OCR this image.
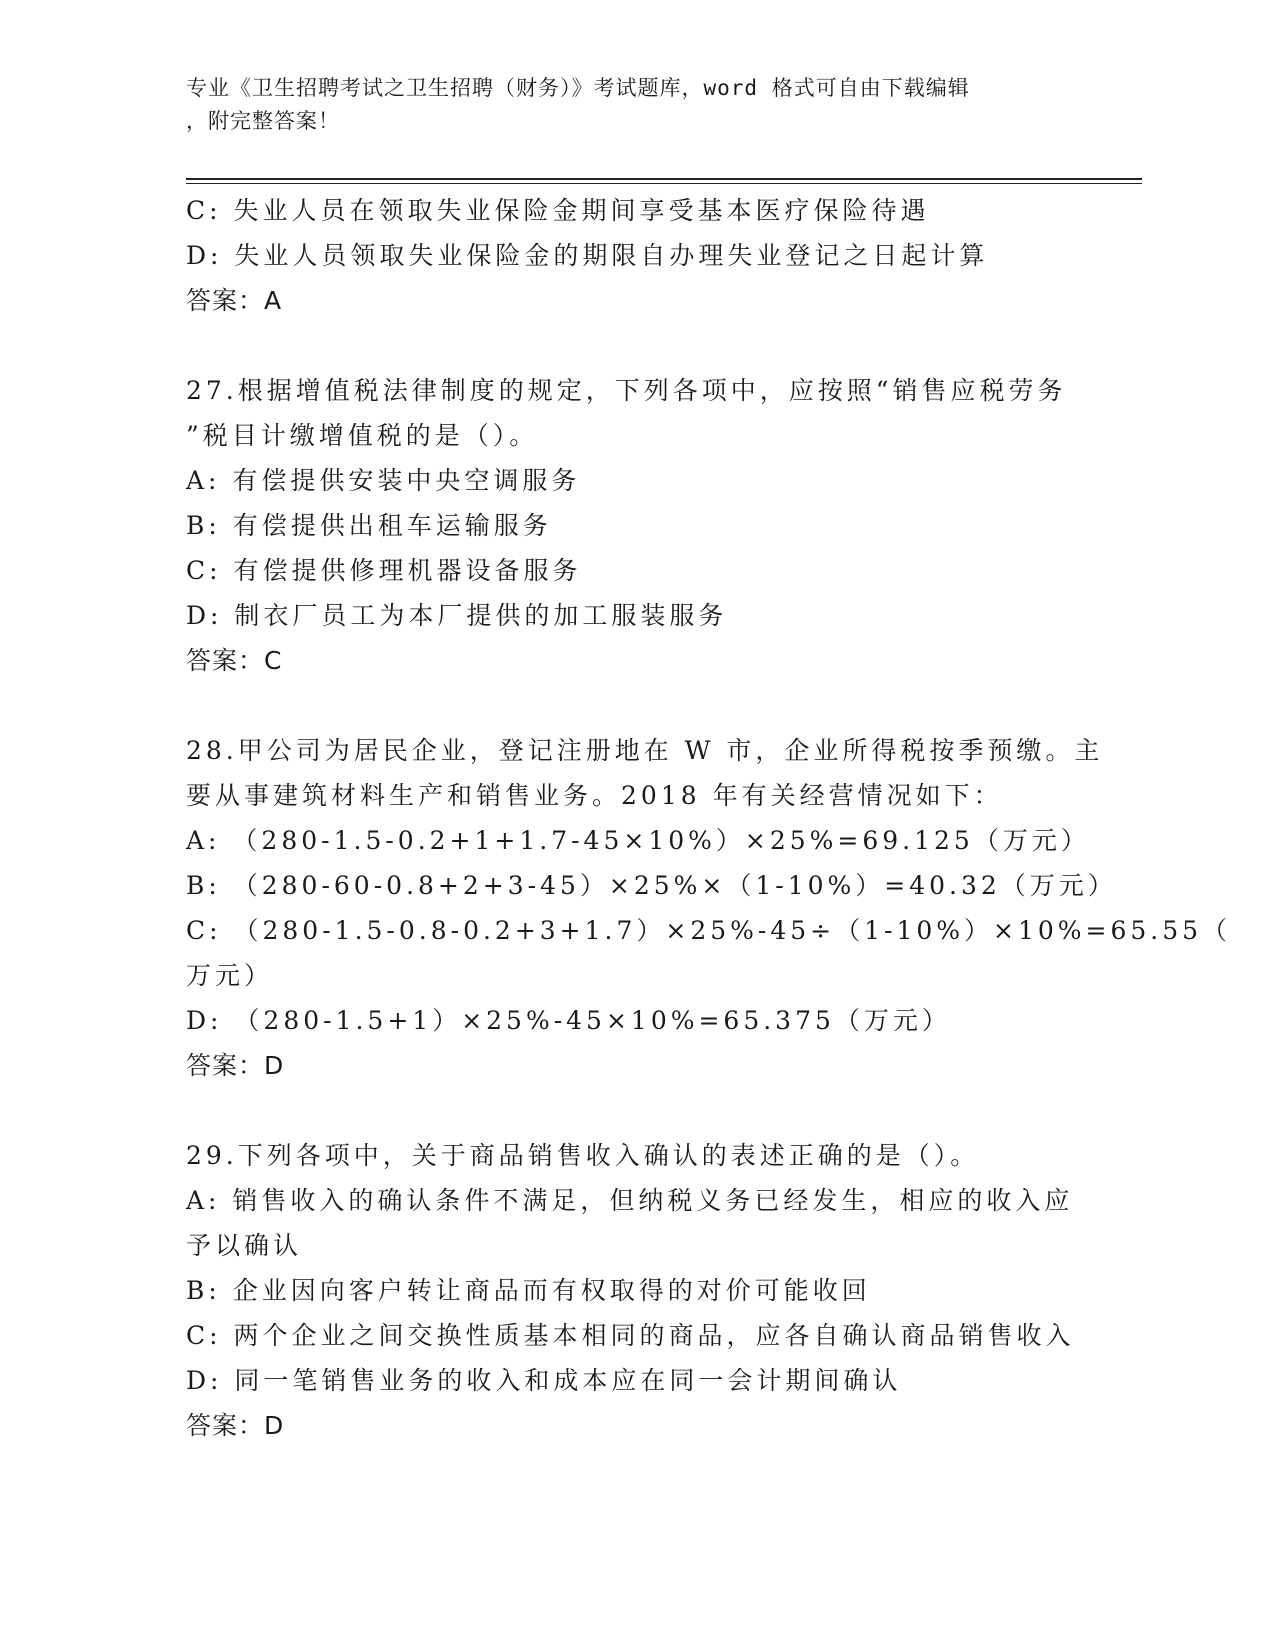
专业《卫生招聘考试之卫生招聘（财务）》考试题库，word 格式可自由下载编辑
，附完整答案！
C: 失业人员在领取失业保险金期间享受基本医疗保险待遇
D: 失业人员领取失业保险金的期限自办理失业登记之日起计算
答案：A
27.根据增值税法律制度的规定，下列各项中，应按照“销售应税劳务
”税目计缴增值税的是（）。
A: 有偿提供安装中央空调服务
B: 有偿提供出租车运输服务
C: 有偿提供修理机器设备服务
D: 制衣厂员工为本厂提供的加工服装服务
答案：C
28.甲公司为居民企业，登记注册地在 W 市，企业所得税按季预缴。主
要从事建筑材料生产和销售业务。2018 年有关经营情况如下：
A: （280-1.5-0.2+1+1.7-45×10%）×25%=69.125（万元）
B: （280-60-0.8+2+3-45）×25%×（1-10%）=40.32（万元）
C: （280-1.5-0.8-0.2+3+1.7）×25%-45÷（1-10%）×10%=65.55（
万元）
D: （280-1.5+1）×25%-45×10%=65.375（万元）
答案：D
29.下列各项中，关于商品销售收入确认的表述正确的是（）。
A: 销售收入的确认条件不满足，但纳税义务已经发生，相应的收入应
予以确认
B: 企业因向客户转让商品而有权取得的对价可能收回
C: 两个企业之间交换性质基本相同的商品，应各自确认商品销售收入
D: 同一笔销售业务的收入和成本应在同一会计期间确认
答案：D
